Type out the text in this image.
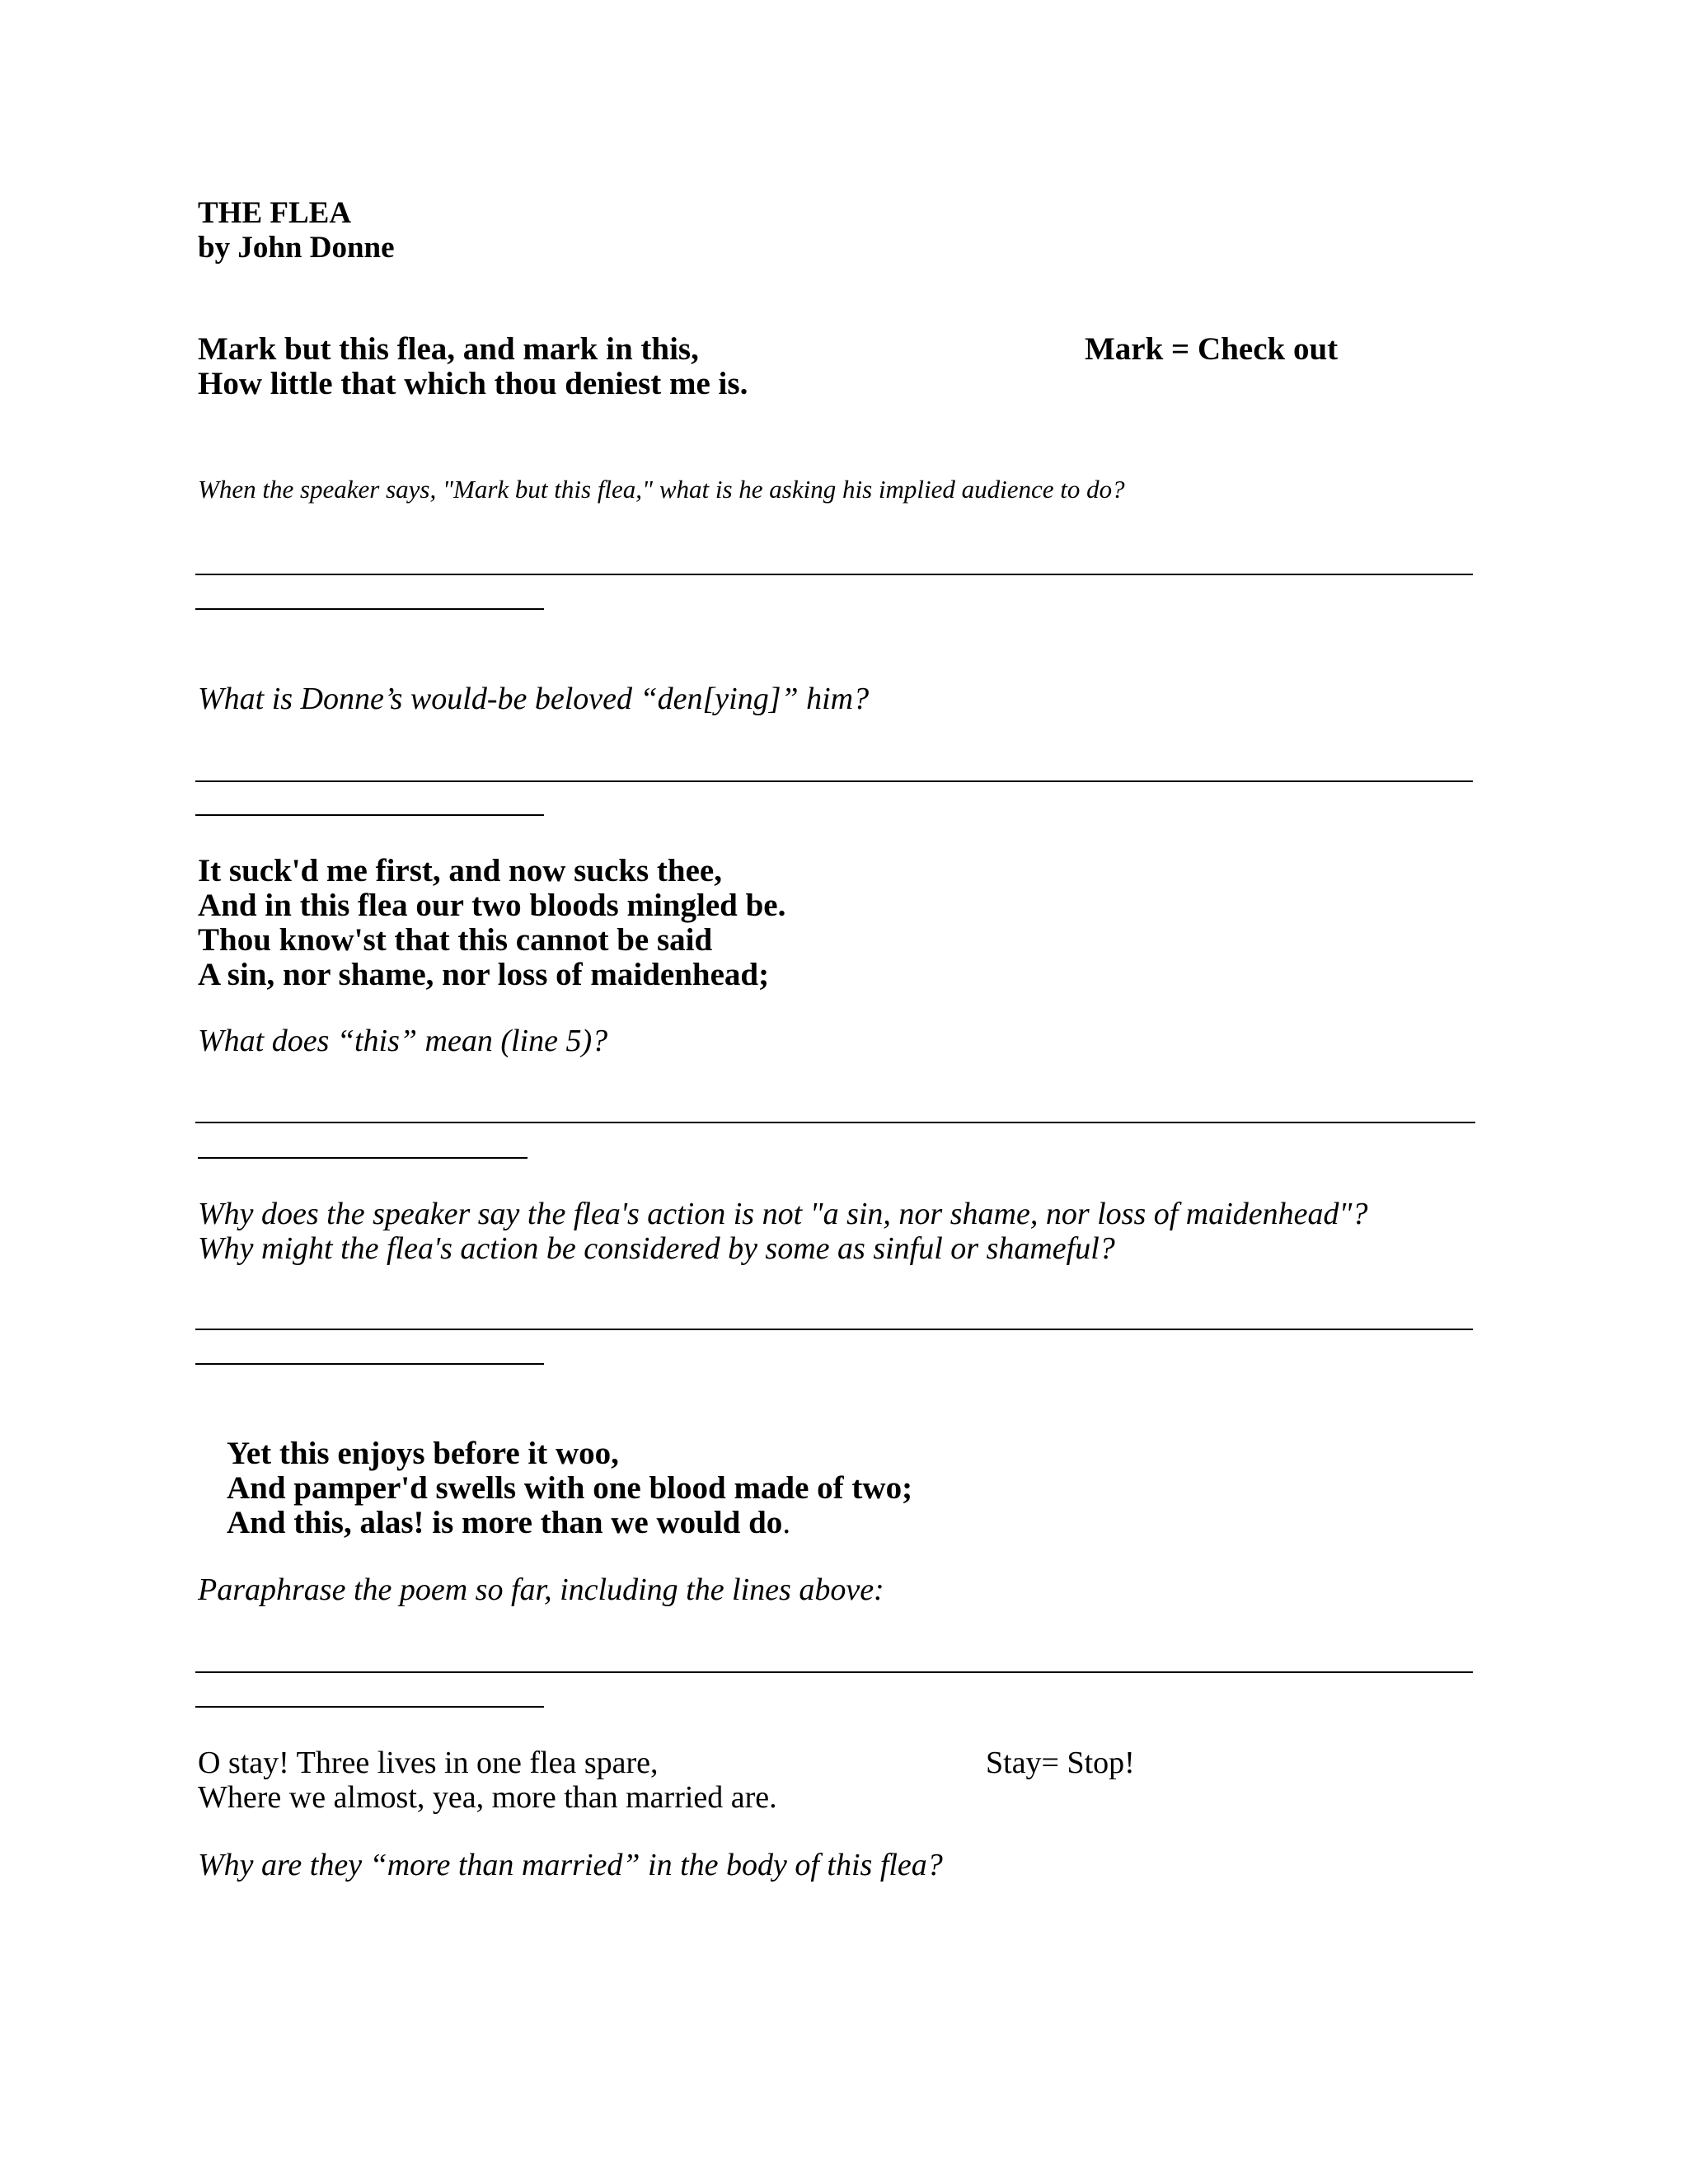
THE FLEA
by John Donne
Mark but this flea, and mark in this,
How little that which thou deniest me is.
Mark = Check out
When the speaker says, "Mark but this flea," what is he asking his implied audience to do?
What is Donne’s would-be beloved “den[ying]” him?
It suck'd me first, and now sucks thee,
And in this flea our two bloods mingled be.
Thou know'st that this cannot be said
A sin, nor shame, nor loss of maidenhead;
What does “this” mean (line 5)?
Why does the speaker say the flea's action is not "a sin, nor shame, nor loss of maidenhead"?
Why might the flea's action be considered by some as sinful or shameful?
Yet this enjoys before it woo,
And pamper'd swells with one blood made of two;
And this, alas! is more than we would do.
Paraphrase the poem so far, including the lines above:
O stay! Three lives in one flea spare,
Where we almost, yea, more than married are.
Stay= Stop!
Why are they “more than married” in the body of this flea?
